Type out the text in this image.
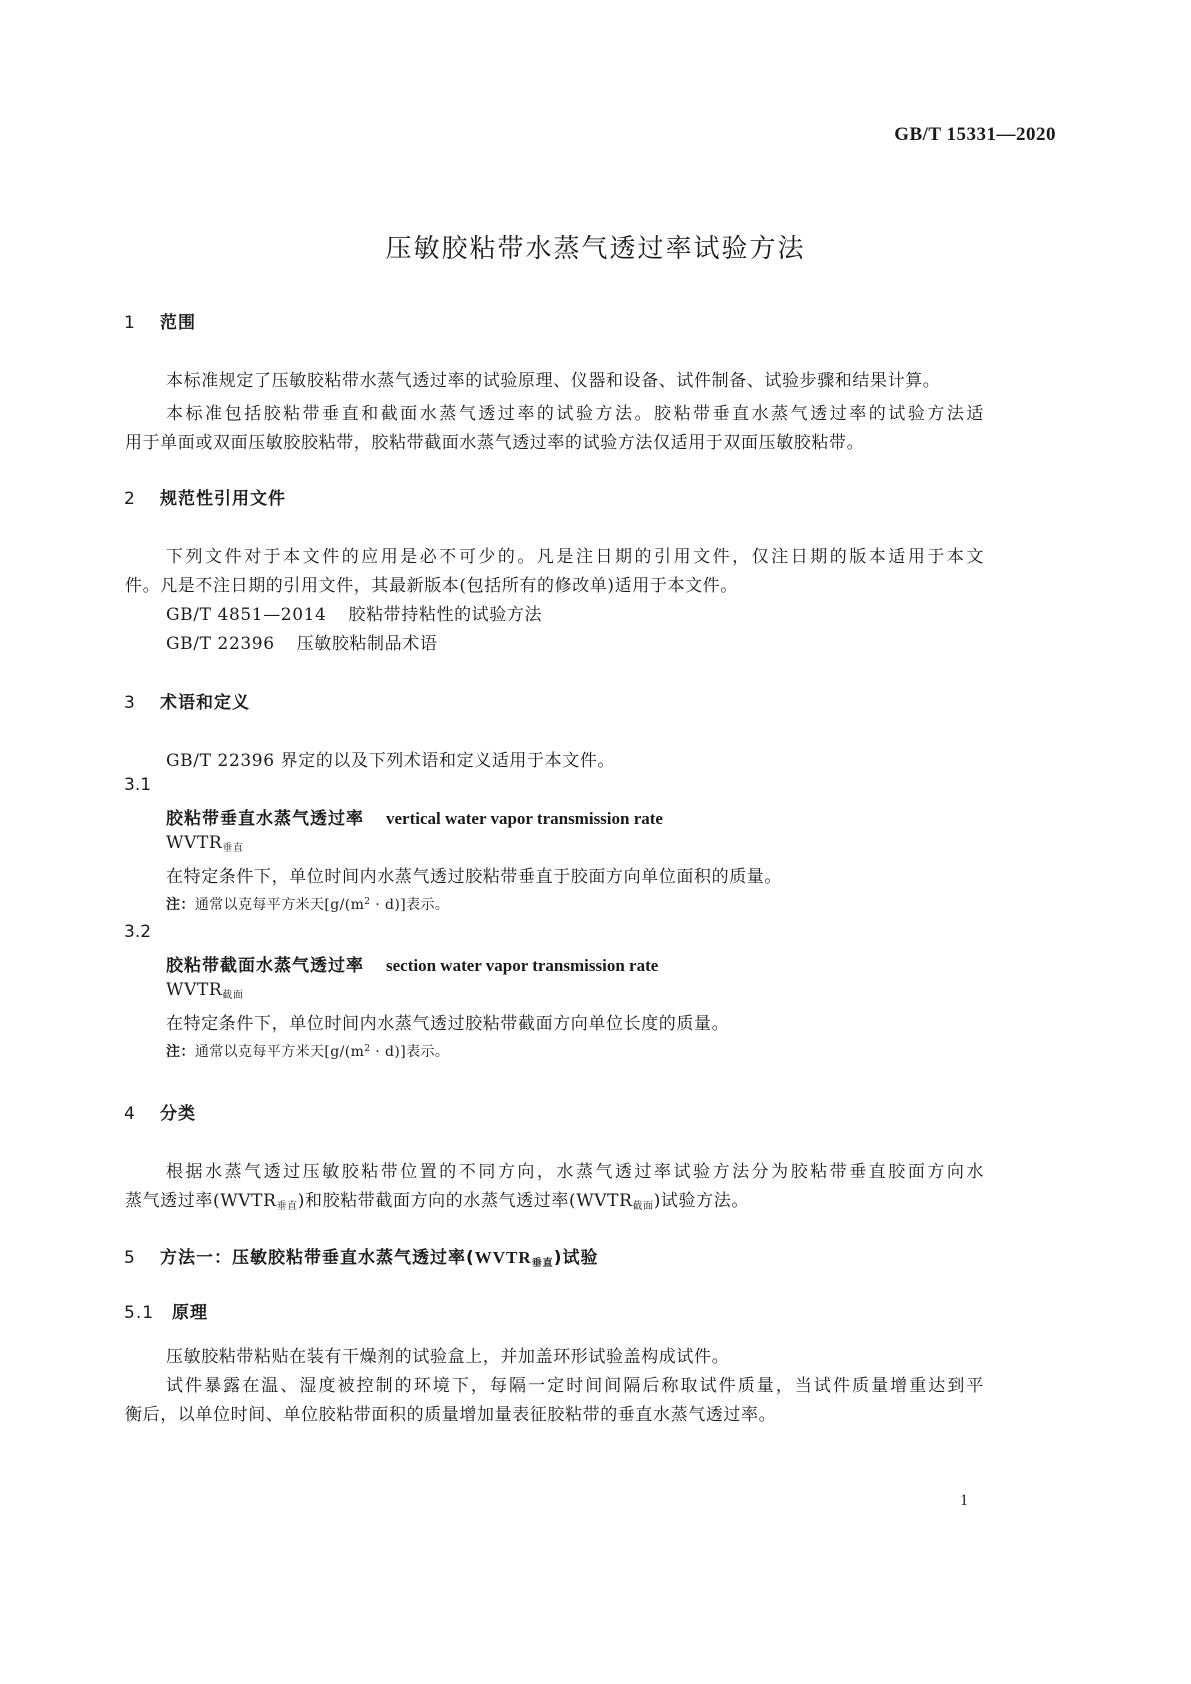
GB/T 15331—2020
压敏胶粘带水蒸气透过率试验方法
1 范围
本标准规定了压敏胶粘带水蒸气透过率的试验原理、仪器和设备、试件制备、试验步骤和结果计算。
本标准包括胶粘带垂直和截面水蒸气透过率的试验方法。胶粘带垂直水蒸气透过率的试验方法适
用于单面或双面压敏胶胶粘带，胶粘带截面水蒸气透过率的试验方法仅适用于双面压敏胶粘带。
2 规范性引用文件
下列文件对于本文件的应用是必不可少的。凡是注日期的引用文件，仅注日期的版本适用于本文
件。凡是不注日期的引用文件，其最新版本(包括所有的修改单)适用于本文件。
GB/T 4851—2014 胶粘带持粘性的试验方法
GB/T 22396 压敏胶粘制品术语
3 术语和定义
GB/T 22396 界定的以及下列术语和定义适用于本文件。
3.1
胶粘带垂直水蒸气透过率 vertical water vapor transmission rate
$WVTR_{垂直}$
在特定条件下，单位时间内水蒸气透过胶粘带垂直于胶面方向单位面积的质量。
注：通常以克每平方米天$[g/(m^2 \cdot d)]$表示。
3.2
胶粘带截面水蒸气透过率 section water vapor transmission rate
$WVTR_{截面}$
在特定条件下，单位时间内水蒸气透过胶粘带截面方向单位长度的质量。
注：通常以克每平方米天$[g/(m^2 \cdot d)]$表示。
4 分类
根据水蒸气透过压敏胶粘带位置的不同方向，水蒸气透过率试验方法分为胶粘带垂直胶面方向水
蒸气透过率$(WVTR_{垂直})$和胶粘带截面方向的水蒸气透过率$(WVTR_{截面})$试验方法。
5 方法一：压敏胶粘带垂直水蒸气透过率$(WVTR_{垂直})$试验
5.1 原理
压敏胶粘带粘贴在装有干燥剂的试验盒上，并加盖环形试验盖构成试件。
试件暴露在温、湿度被控制的环境下，每隔一定时间间隔后称取试件质量，当试件质量增重达到平
衡后，以单位时间、单位胶粘带面积的质量增加量表征胶粘带的垂直水蒸气透过率。
1
